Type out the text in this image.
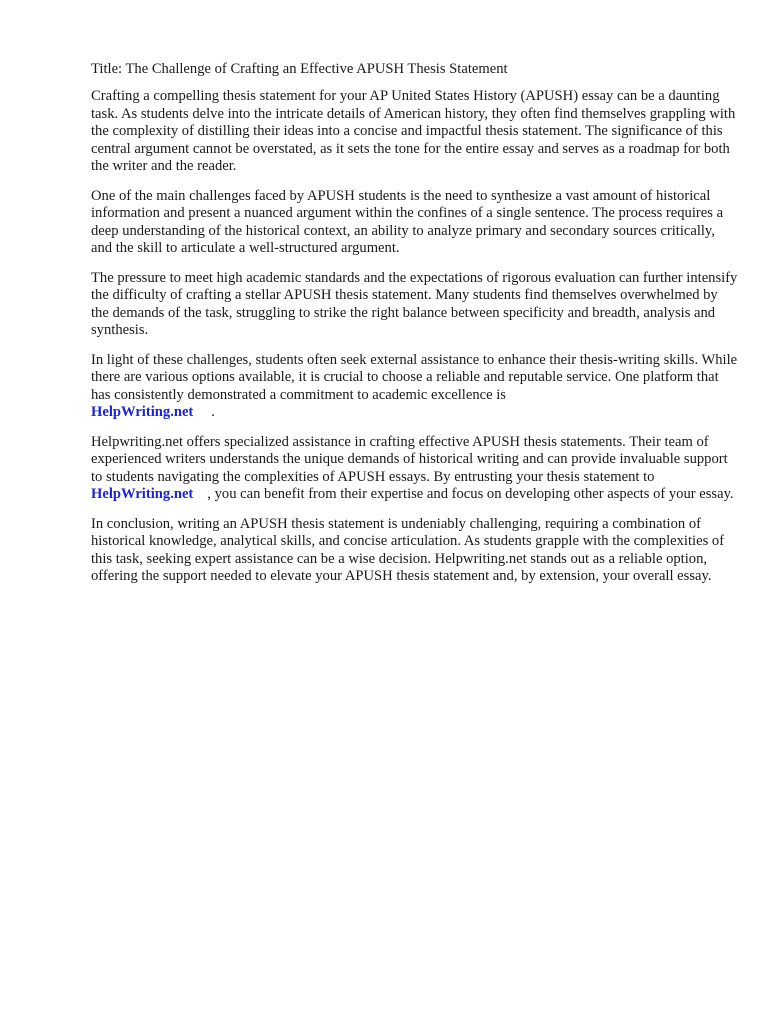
Title: The Challenge of Crafting an Effective APUSH Thesis Statement

Crafting a compelling thesis statement for your AP United States History (APUSH) essay can be a daunting task. As students delve into the intricate details of American history, they often find themselves grappling with the complexity of distilling their ideas into a concise and impactful thesis statement. The significance of this central argument cannot be overstated, as it sets the tone for the entire essay and serves as a roadmap for both the writer and the reader.

One of the main challenges faced by APUSH students is the need to synthesize a vast amount of historical information and present a nuanced argument within the confines of a single sentence. The process requires a deep understanding of the historical context, an ability to analyze primary and secondary sources critically, and the skill to articulate a well-structured argument.

The pressure to meet high academic standards and the expectations of rigorous evaluation can further intensify the difficulty of crafting a stellar APUSH thesis statement. Many students find themselves overwhelmed by the demands of the task, struggling to strike the right balance between specificity and breadth, analysis and synthesis.

In light of these challenges, students often seek external assistance to enhance their thesis-writing skills. While there are various options available, it is crucial to choose a reliable and reputable service. One platform that has consistently demonstrated a commitment to academic excellence is
HelpWriting.net .

Helpwriting.net offers specialized assistance in crafting effective APUSH thesis statements. Their team of experienced writers understands the unique demands of historical writing and can provide invaluable support to students navigating the complexities of APUSH essays. By entrusting your thesis statement toHelpWriting.net , you can benefit from their expertise and focus on developing other aspects of your essay.

In conclusion, writing an APUSH thesis statement is undeniably challenging, requiring a combination of historical knowledge, analytical skills, and concise articulation. As students grapple with the complexities of this task, seeking expert assistance can be a wise decision. Helpwriting.net stands out as a reliable option, offering the support needed to elevate your APUSH thesis statement and, by extension, your overall essay.
